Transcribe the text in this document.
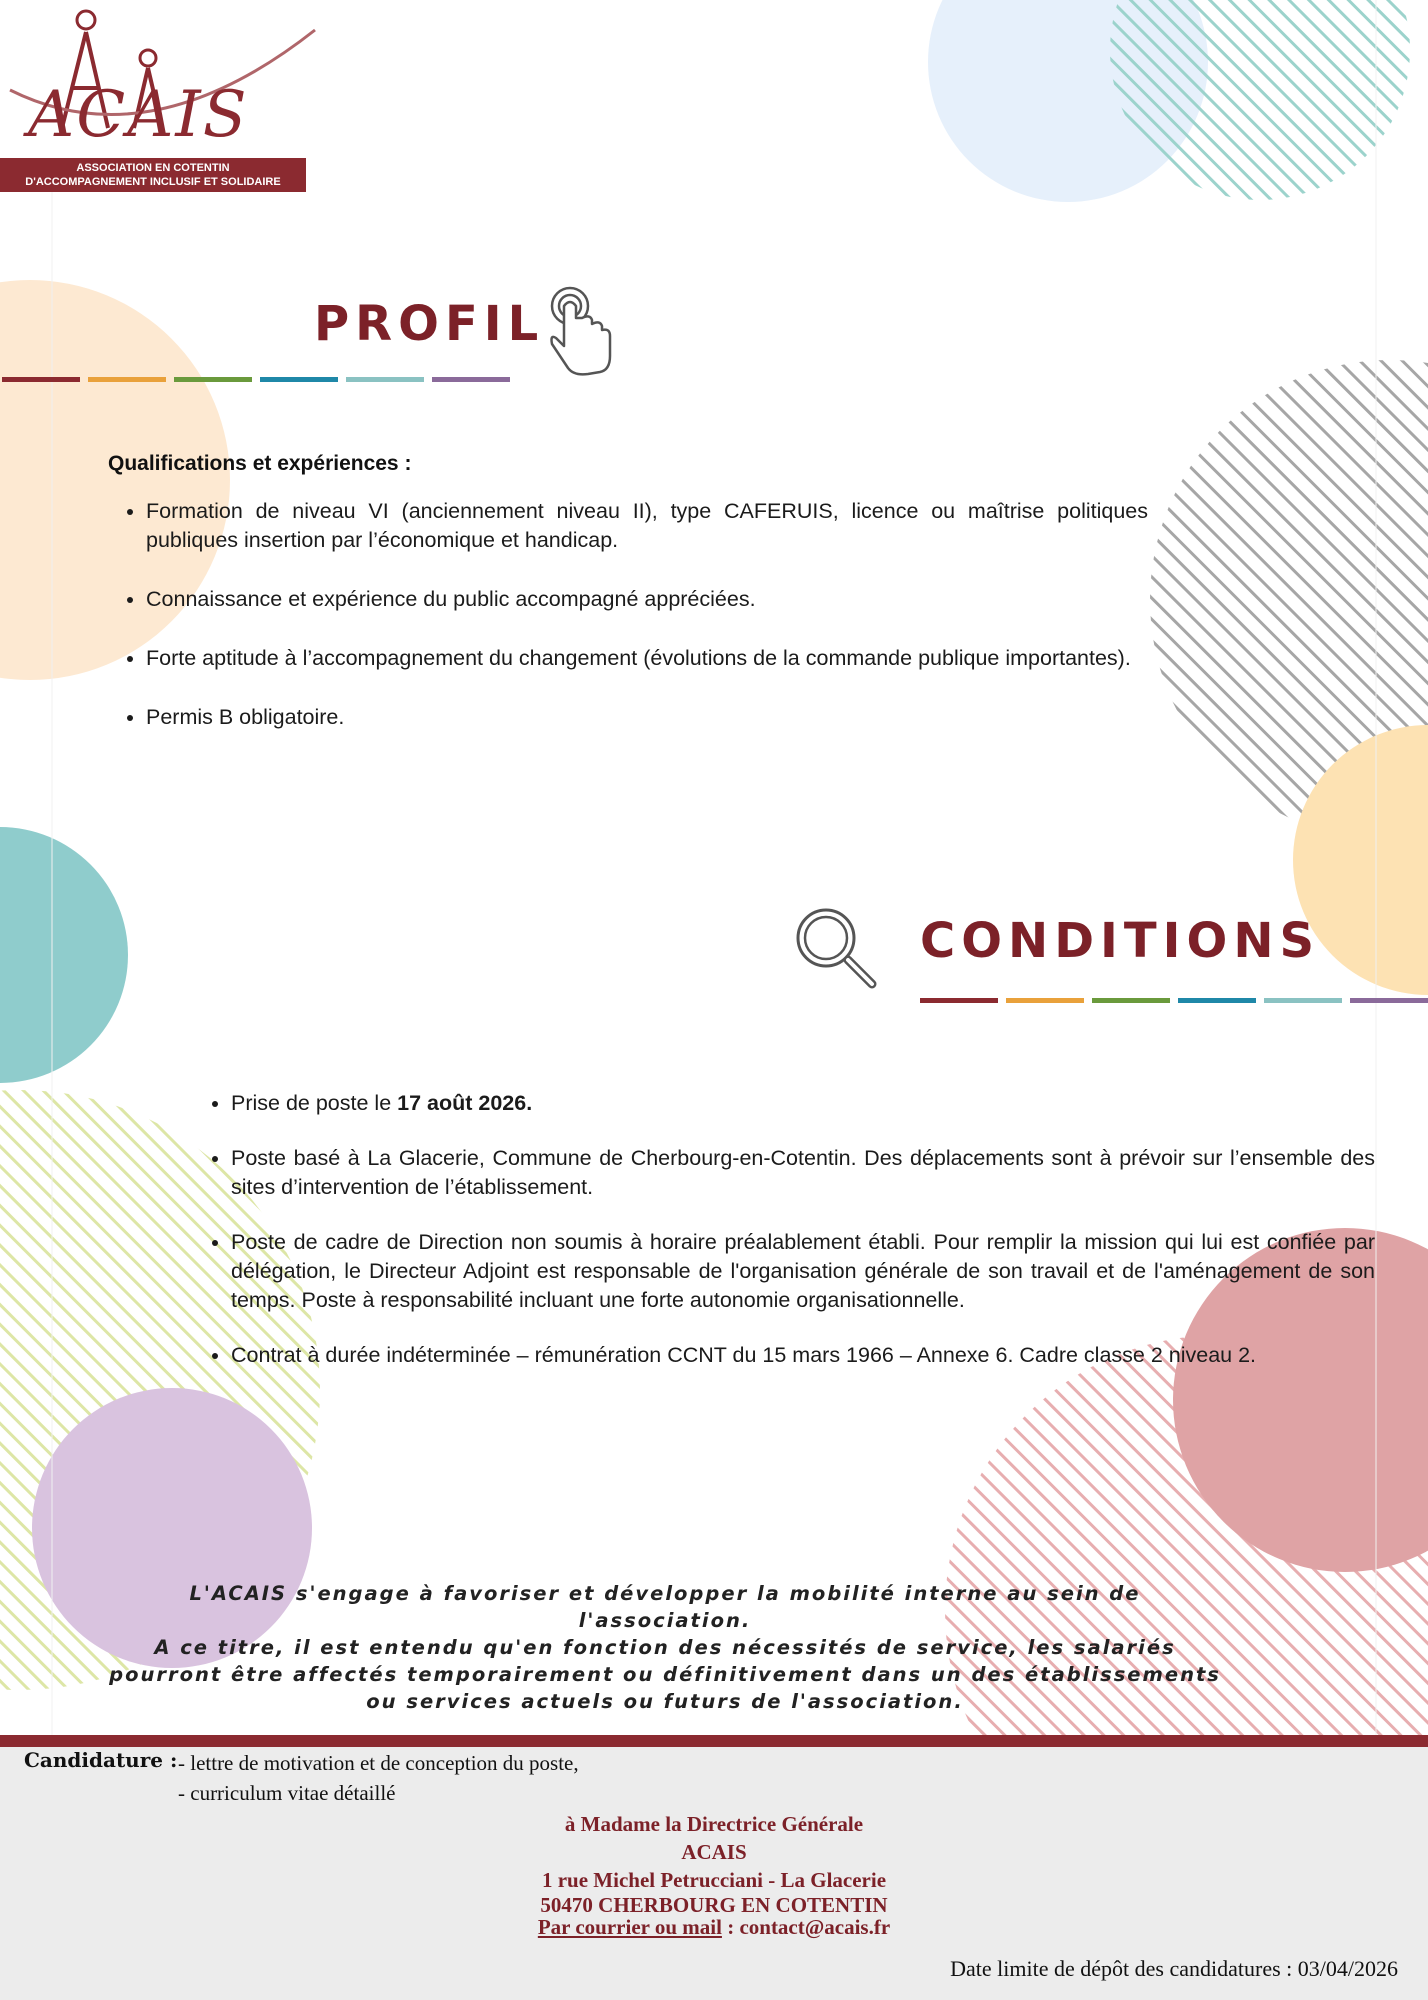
ACAIS
ASSOCIATION EN COTENTIN
D'ACCOMPAGNEMENT INCLUSIF ET SOLIDAIRE
PROFIL
Qualifications et expériences :
• Formation de niveau VI (anciennement niveau II), type CAFERUIS, licence ou maîtrise politiques publiques insertion par l’économique et handicap.
• Connaissance et expérience du public accompagné appréciées.
• Forte aptitude à l’accompagnement du changement (évolutions de la commande publique importantes).
• Permis B obligatoire.
CONDITIONS
• Prise de poste le 17 août 2026.
• Poste basé à La Glacerie, Commune de Cherbourg-en-Cotentin. Des déplacements sont à prévoir sur l’ensemble des sites d’intervention de l’établissement.
• Poste de cadre de Direction non soumis à horaire préalablement établi. Pour remplir la mission qui lui est confiée par délégation, le Directeur Adjoint est responsable de l'organisation générale de son travail et de l'aménagement de son temps. Poste à responsabilité incluant une forte autonomie organisationnelle.
• Contrat à durée indéterminée – rémunération CCNT du 15 mars 1966 – Annexe 6. Cadre classe 2 niveau 2.
L'ACAIS s'engage à favoriser et développer la mobilité interne au sein de l'association.
A ce titre, il est entendu qu'en fonction des nécessités de service, les salariés pourront être affectés temporairement ou définitivement dans un des établissements ou services actuels ou futurs de l'association.
Candidature : - lettre de motivation et de conception du poste,
- curriculum vitae détaillé
à Madame la Directrice Générale
ACAIS
1 rue Michel Petrucciani - La Glacerie
50470 CHERBOURG EN COTENTIN
Par courrier ou mail : contact@acais.fr
Date limite de dépôt des candidatures : 03/04/2026
